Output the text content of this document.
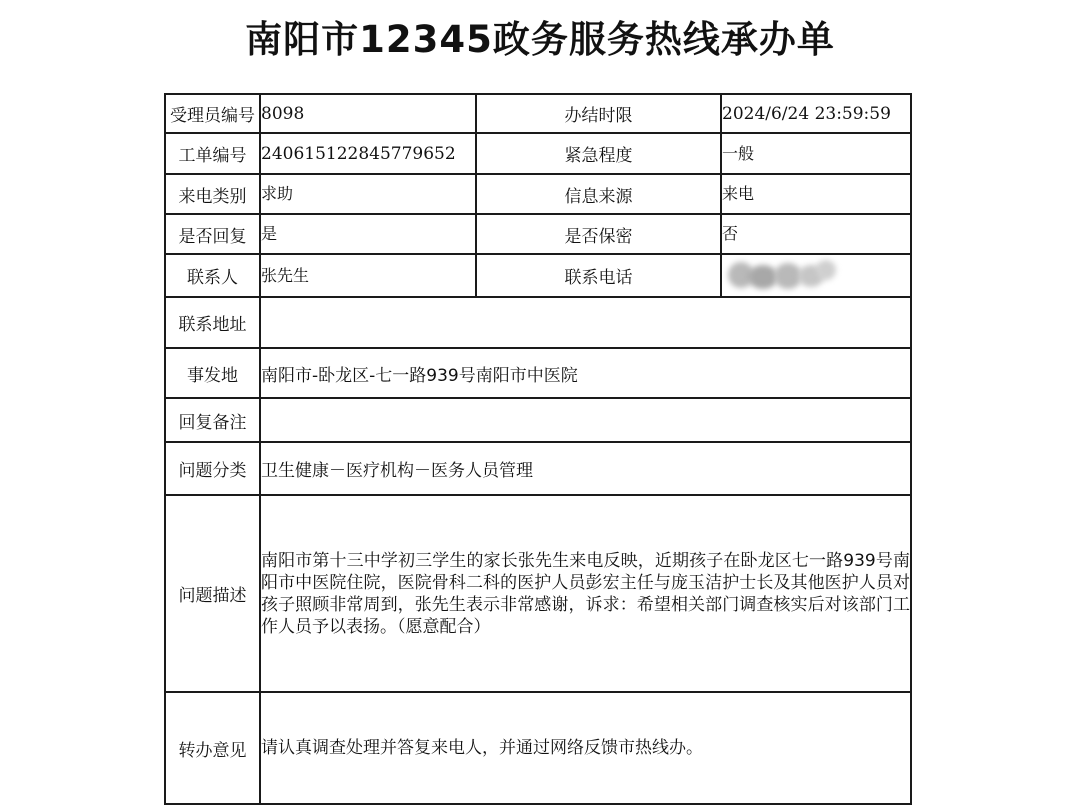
南阳市12345政务服务热线承办单
受理员编号	8098	办结时限	2024/6/24 23:59:59
工单编号	240615122845779652	紧急程度	一般
来电类别	求助	信息来源	来电
是否回复	是	是否保密	否
联系人	张先生	联系电话	

联系地址			
事发地	南阳市-卧龙区-七一路939号南阳市中医院		
回复备注			
问题分类	卫生健康－医疗机构－医务人员管理		
问题描述	南阳市第十三中学初三学生的家长张先生来电反映，近期孩子在卧龙区七一路939号南阳市中医院住院，医院骨科二科的医护人员彭宏主任与庞玉洁护士长及其他医护人员对孩子照顾非常周到，张先生表示非常感谢，诉求：希望相关部门调查核实后对该部门工作人员予以表扬。（愿意配合）		
转办意见	请认真调查处理并答复来电人，并通过网络反馈市热线办。		
